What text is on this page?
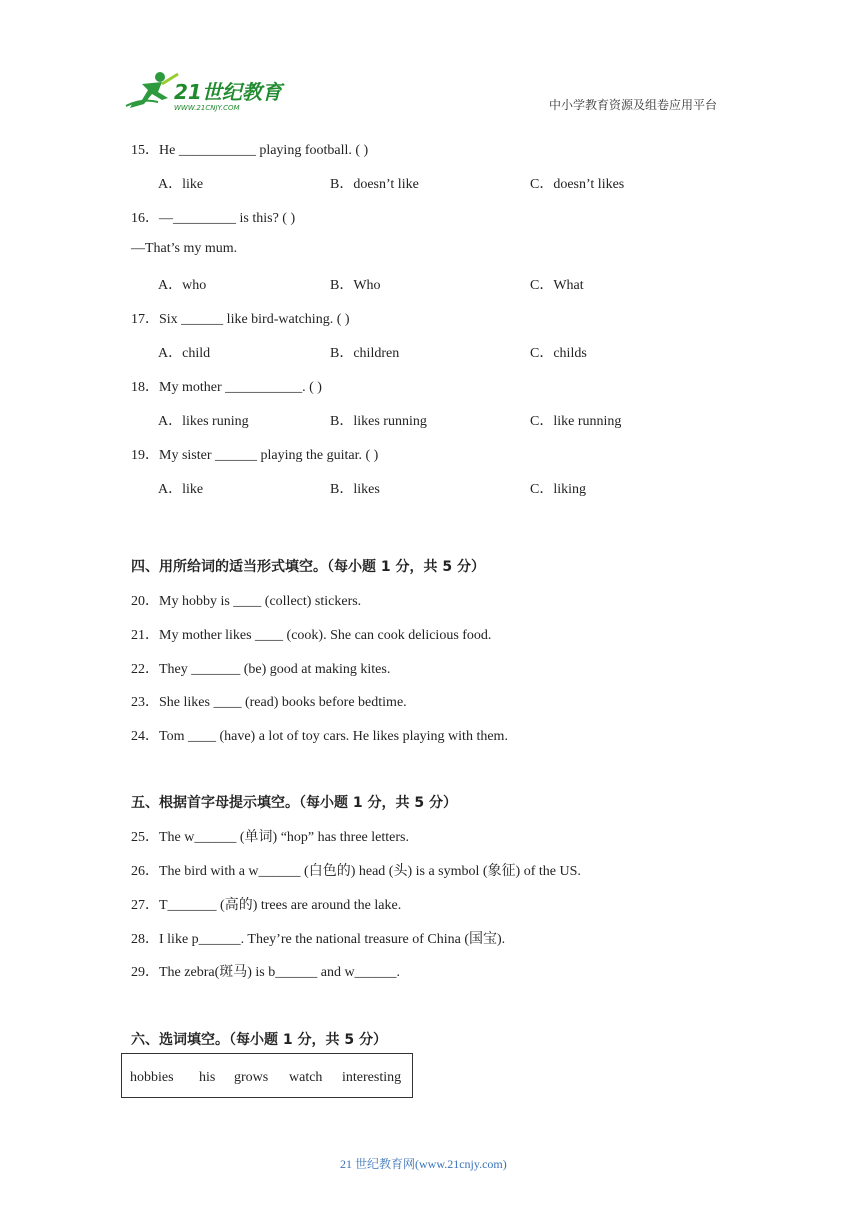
21世纪教育
WWW.21CNJY.COM	中小学教育资源及组卷应用平台
15．He ___________ playing football. ( )
A．like	B．doesn’t like	C．doesn’t likes
16．—_________ is this? ( )
—That’s my mum.
A．who	B．Who	C．What
17．Six ______ like bird-watching. ( )
A．child	B．children	C．childs
18．My mother ___________. ( )
A．likes runing	B．likes running	C．like running
19．My sister ______ playing the guitar. ( )
A．like	B．likes	C．liking
四、用所给词的适当形式填空。（每小题 1 分，共 5 分）
20．My hobby is ____ (collect) stickers.
21．My mother likes ____ (cook). She can cook delicious food.
22．They _______ (be) good at making kites.
23．She likes ____ (read) books before bedtime.
24．Tom ____ (have) a lot of toy cars. He likes playing with them.
五、根据首字母提示填空。（每小题 1 分，共 5 分）
25．The w______ (单词) “hop” has three letters.
26．The bird with a w______ (白色的) head (头) is a symbol (象征) of the US.
27．T_______ (高的) trees are around the lake.
28．I like p______. They’re the national treasure of China (国宝).
29．The zebra(斑马) is b______ and w______.
六、选词填空。（每小题 1 分，共 5 分）
hobbies his grows watch interesting
21 世纪教育网(www.21cnjy.com)
